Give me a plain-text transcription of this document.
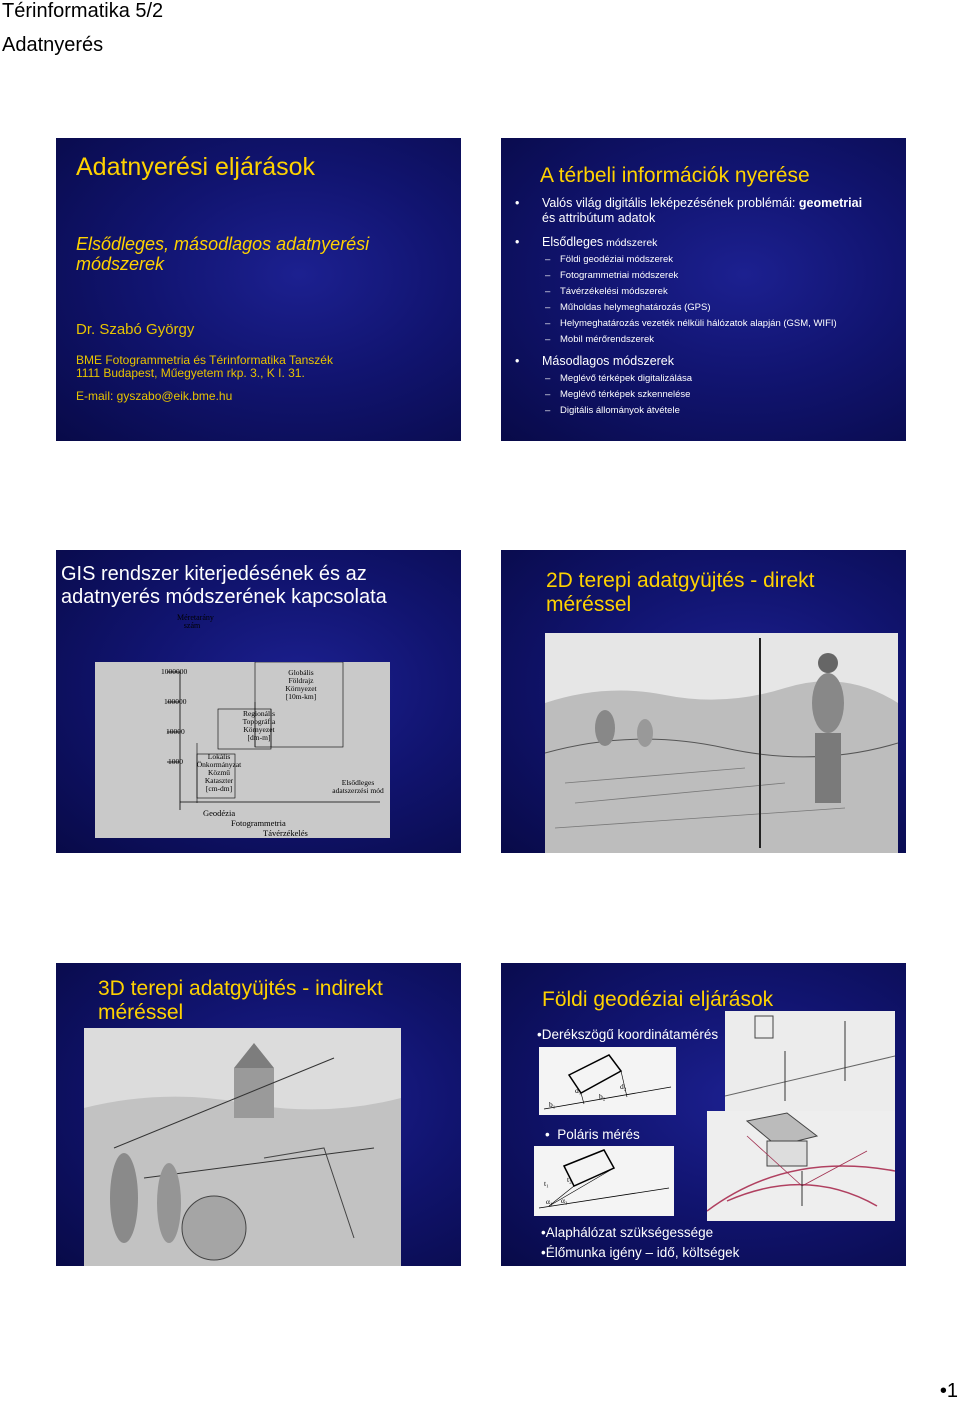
Térinformatika 5/2
Adatnyerés
Adatnyerési eljárások
Elsődleges, másodlagos adatnyerési módszerek
Dr. Szabó György
BME Fotogrammetria és Térinformatika Tanszék
1111 Budapest, Műegyetem rkp. 3., K I. 31.
E-mail: gyszabo@eik.bme.hu
A térbeli információk nyerése
• Valós világ digitális leképezésének problémái: geometriai
és attribútum adatok
• Elsődleges módszerek
– Földi geodéziai módszerek
– Fotogrammetriai módszerek
– Távérzékelési módszerek
– Műholdas helymeghatározás (GPS)
– Helymeghatározás vezeték nélküli hálózatok alapján (GSM, WIFI)
– Mobil mérőrendszerek
• Másodlagos módszerek
– Meglévő térképek digitalizálása
– Meglévő térképek szkennelése
– Digitális állományok átvétele
GIS rendszer kiterjedésének és az adatnyerés módszerének kapcsolata
Méretarány
szám
1000000
100000
10000
1000
Globális
Földrajz
Környezet
[10m-km]
Regionális
Topográfia
Környezet
[dm-m]
Lokális
Önkormányzat
Közmű
Kataszter
[cm-dm]
Elsődleges
adatszerzési mód
Geodézia
Fotogrammetria
Távérzékelés
2D terepi adatgyüjtés - direkt méréssel
3D terepi adatgyüjtés - indirekt méréssel
Földi geodéziai eljárások
•Derékszögű koordinátamérés
b₁
d₁
b₂
d₂
•  Poláris mérés
t₁ t₂
α₁ α₂
•Alaphálózat szükségessége
•Élőmunka igény – idő, költségek
•1
